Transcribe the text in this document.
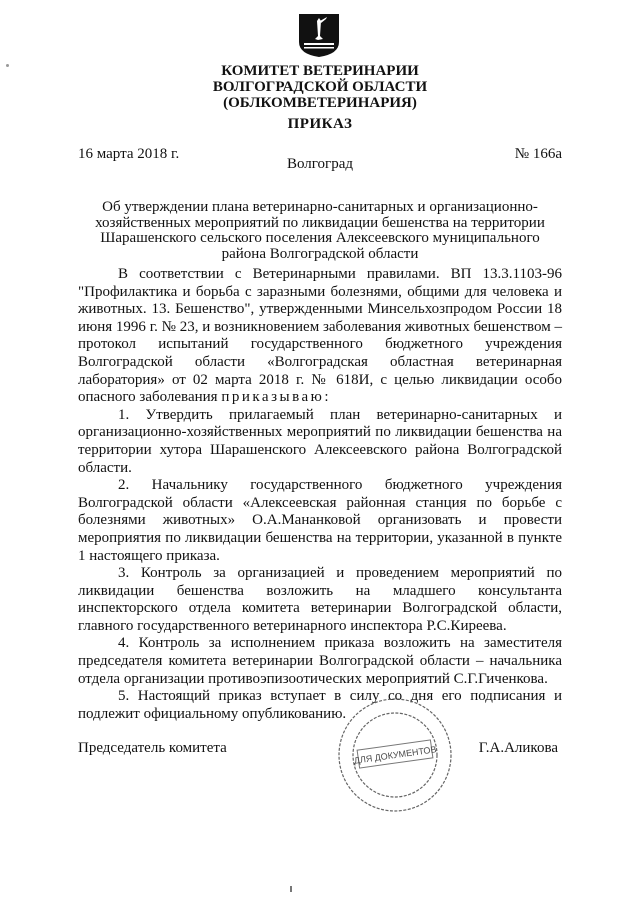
КОМИТЕТ ВЕТЕРИНАРИИ
ВОЛГОГРАДСКОЙ ОБЛАСТИ
(ОБЛКОМВЕТЕРИНАРИЯ)
ПРИКАЗ
16 марта 2018 г.	№ 166а
Волгоград
Об утверждении плана ветеринарно-санитарных и организационно-
хозяйственных мероприятий по ликвидации бешенства на территории
Шарашенского сельского поселения Алексеевского муниципального
района Волгоградской области

В соответствии с Ветеринарными правилами. ВП 13.3.1103-96 "Профилактика и борьба с заразными болезнями, общими для человека и животных. 13. Бешенство", утвержденными Минсельхозпродом России 18 июня 1996 г. № 23, и возникновением заболевания животных бешенством – протокол испытаний государственного бюджетного учреждения Волгоградской области «Волгоградская областная ветеринарная лаборатория» от 02 марта 2018 г. № 618И, с целью ликвидации особо опасного заболевания приказываю:

1. Утвердить прилагаемый план ветеринарно-санитарных и организационно-хозяйственных мероприятий по ликвидации бешенства на территории хутора Шарашенского Алексеевского района Волгоградской области.

2. Начальнику государственного бюджетного учреждения Волгоградской области «Алексеевская районная станция по борьбе с болезнями животных» О.А.Мананковой организовать и провести мероприятия по ликвидации бешенства на территории, указанной в пункте 1 настоящего приказа.

3. Контроль за организацией и проведением мероприятий по ликвидации бешенства возложить на младшего консультанта инспекторского отдела комитета ветеринарии Волгоградской области, главного государственного ветеринарного инспектора Р.С.Киреева.

4. Контроль за исполнением приказа возложить на заместителя председателя комитета ветеринарии Волгоградской области – начальника отдела организации противоэпизоотических мероприятий С.Г.Гиченкова.

5. Настоящий приказ вступает в силу со дня его подписания и подлежит официальному опубликованию.

ДЛЯ ДОКУМЕНТОВ
Председатель комитета	Г.А.Аликова
